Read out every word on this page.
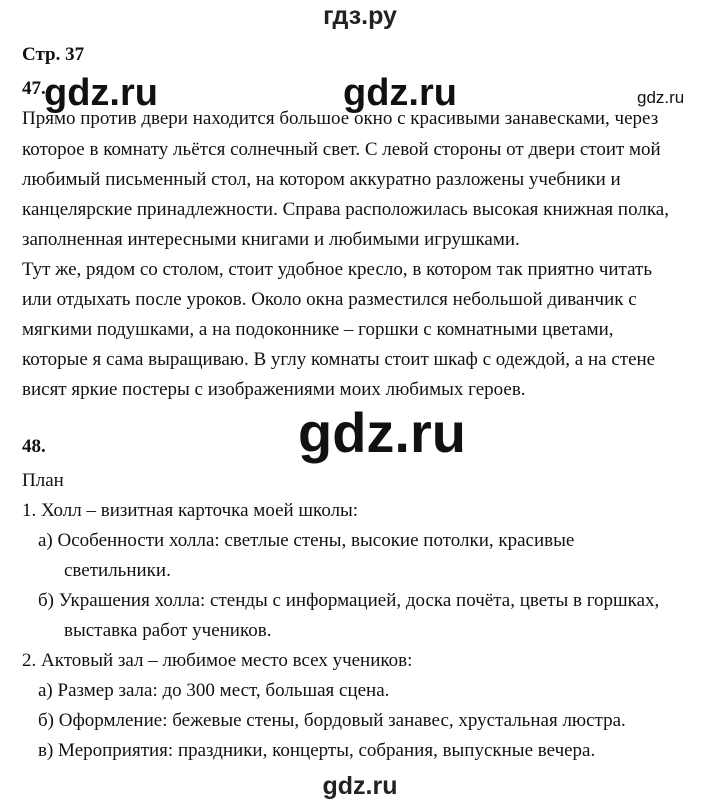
гдз.ру
Стр. 37
47.
gdz.ru	gdz.ru	gdz.ru
Прямо против двери находится большое окно с красивыми занавесками, через
которое в комнату льётся солнечный свет. С левой стороны от двери стоит мой
любимый письменный стол, на котором аккуратно разложены учебники и
канцелярские принадлежности. Справа расположилась высокая книжная полка,
заполненная интересными книгами и любимыми игрушками.
Тут же, рядом со столом, стоит удобное кресло, в котором так приятно читать
или отдыхать после уроков. Около окна разместился небольшой диванчик с
мягкими подушками, а на подоконнике – горшки с комнатными цветами,
которые я сама выращиваю. В углу комнаты стоит шкаф с одеждой, а на стене
висят яркие постеры с изображениями моих любимых героев.
gdz.ru
48.
План
1. Холл – визитная карточка моей школы:
а) Особенности холла: светлые стены, высокие потолки, красивые
светильники.
б) Украшения холла: стенды с информацией, доска почёта, цветы в горшках,
выставка работ учеников.
2. Актовый зал – любимое место всех учеников:
а) Размер зала: до 300 мест, большая сцена.
б) Оформление: бежевые стены, бордовый занавес, хрустальная люстра.
в) Мероприятия: праздники, концерты, собрания, выпускные вечера.
gdz.ru
